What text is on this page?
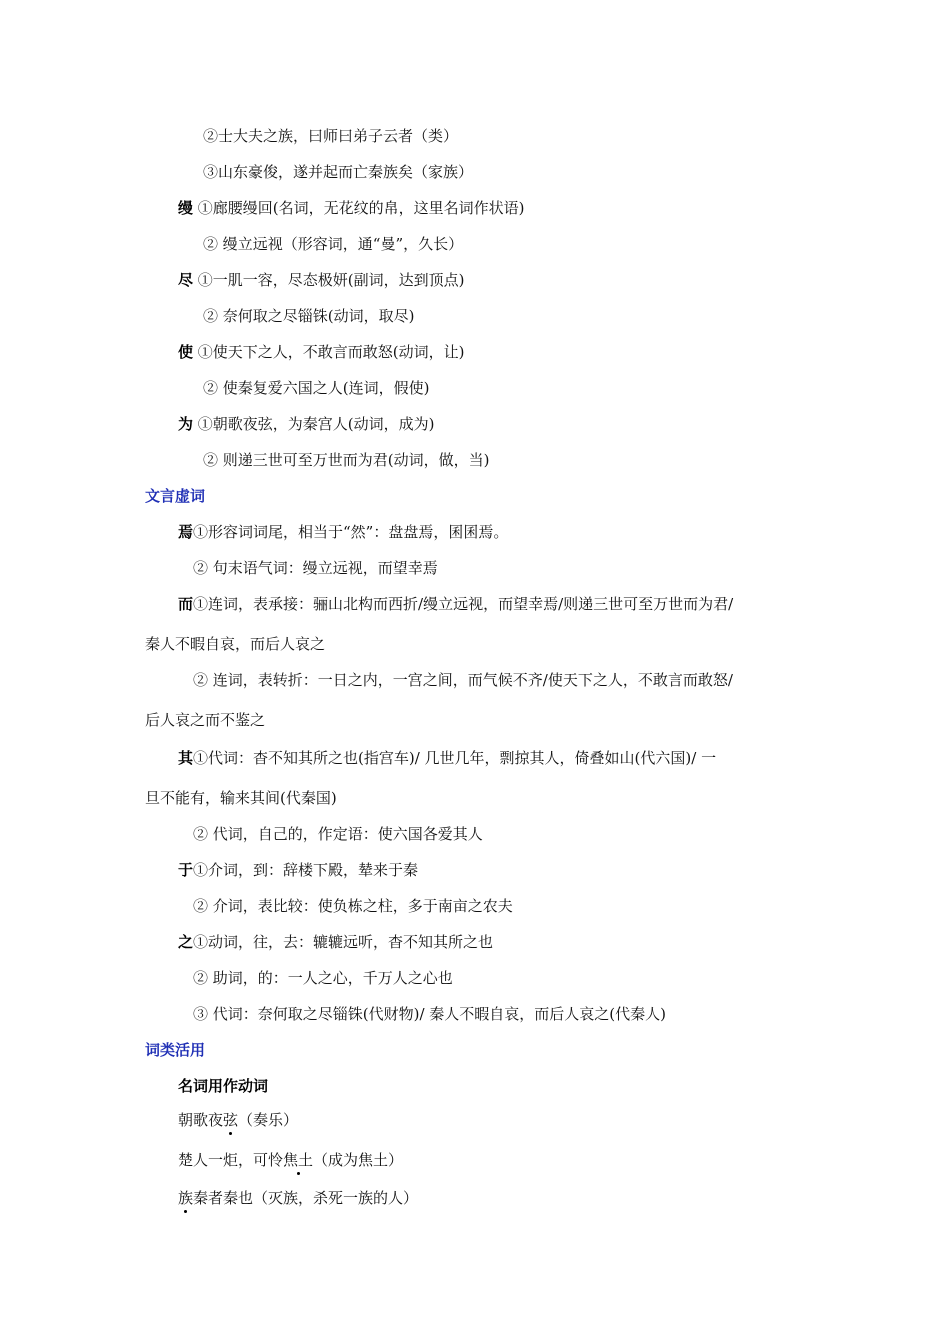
②士大夫之族，曰师曰弟子云者（类）
③山东豪俊，遂并起而亡秦族矣（家族）
缦 ①廊腰缦回(名词，无花纹的帛，这里名词作状语)
② 缦立远视（形容词，通“曼”，久长）
尽 ①一肌一容，尽态极妍(副词，达到顶点)
② 奈何取之尽锱铢(动词，取尽)
使 ①使天下之人，不敢言而敢怒(动词，让)
② 使秦复爱六国之人(连词，假使)
为 ①朝歌夜弦，为秦宫人(动词，成为)
② 则递三世可至万世而为君(动词，做，当)
文言虚词
焉①形容词词尾，相当于“然”：盘盘焉，囷囷焉。
② 句末语气词：缦立远视，而望幸焉
而①连词，表承接：骊山北构而西折/缦立远视，而望幸焉/则递三世可至万世而为君/
秦人不暇自哀，而后人哀之
② 连词，表转折：一日之内，一宫之间，而气候不齐/使天下之人，不敢言而敢怒/
后人哀之而不鉴之
其①代词：杳不知其所之也(指宫车)/ 几世几年，剽掠其人，倚叠如山(代六国)/ 一
旦不能有，输来其间(代秦国)
② 代词，自己的，作定语：使六国各爱其人
于①介词，到：辞楼下殿，辇来于秦
② 介词，表比较：使负栋之柱，多于南亩之农夫
之①动词，往，去：辘辘远听，杳不知其所之也
② 助词，的：一人之心，千万人之心也
③ 代词：奈何取之尽锱铢(代财物)/ 秦人不暇自哀，而后人哀之(代秦人)
词类活用
名词用作动词
朝歌夜弦（奏乐）
楚人一炬，可怜焦土（成为焦土）
族秦者秦也（灭族，杀死一族的人）
